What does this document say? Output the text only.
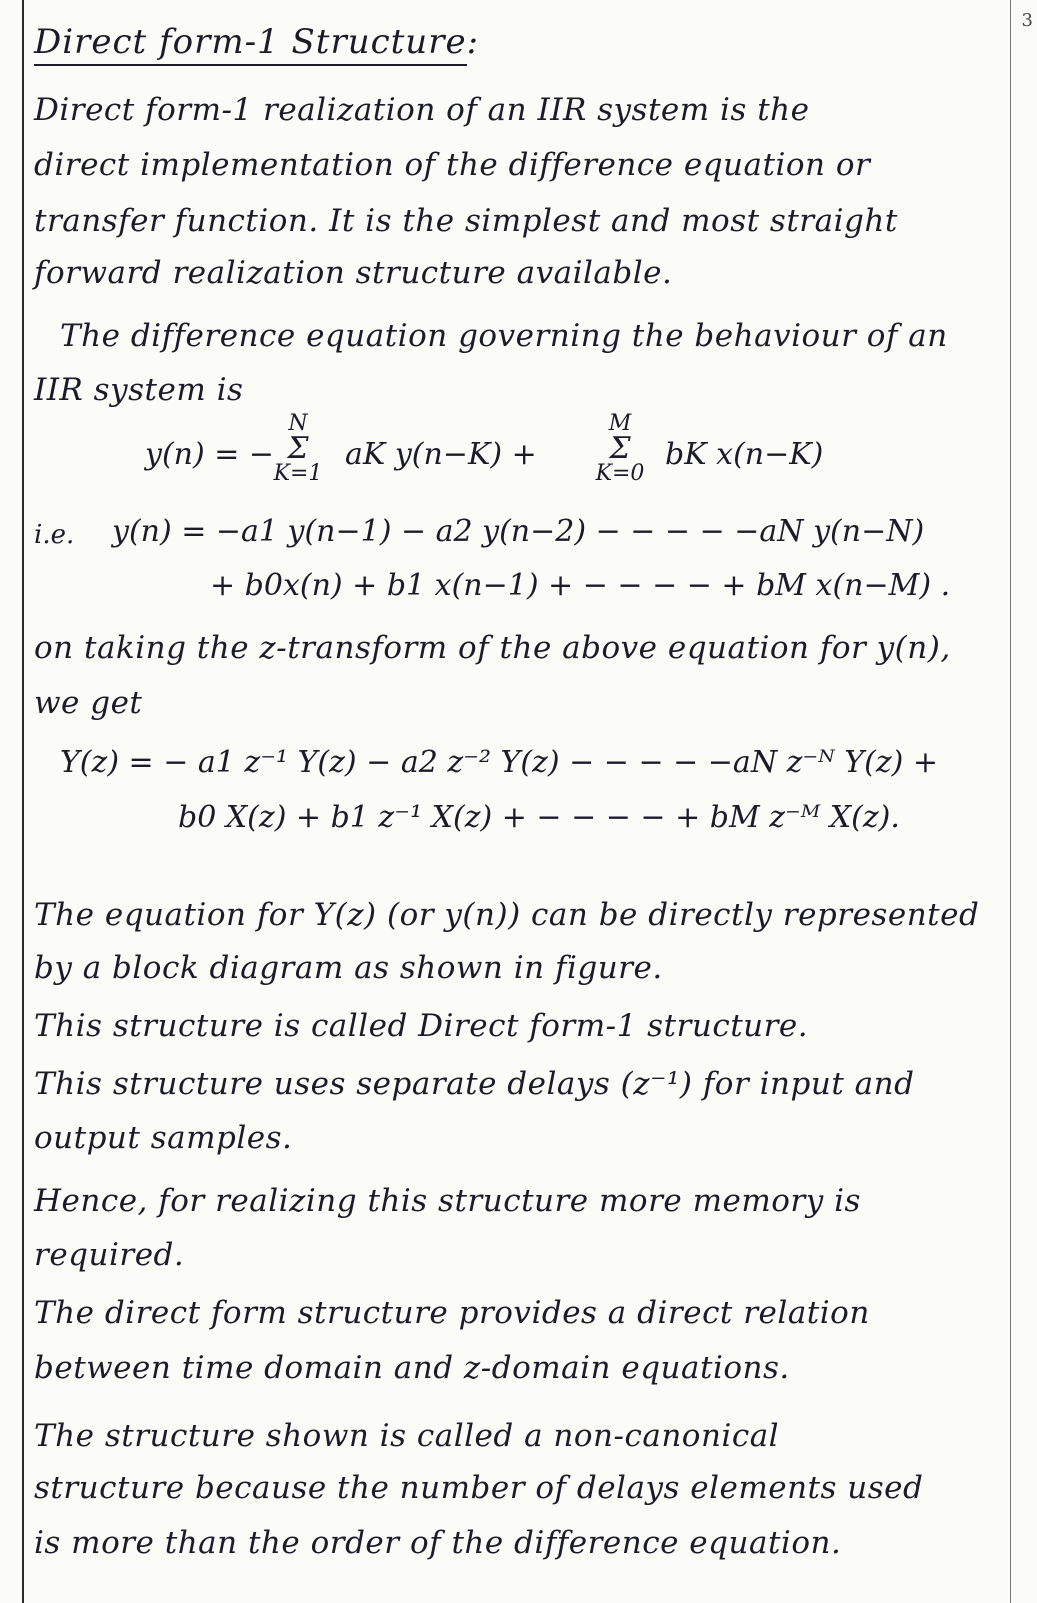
3
Direct form-1 Structure:
Direct form-1 realization of an IIR system is the
direct implementation of the difference equation or
transfer function. It is the simplest and most straight
forward realization structure available.
The difference equation governing the behaviour of an
IIR system is
y(n) = −
N
Σ
K=1
aK y(n−K) +
M
Σ
K=0
bK x(n−K)
i.e. y(n) = −a1 y(n−1) − a2 y(n−2) − − − − −aN y(n−N)
+ b0x(n) + b1 x(n−1) + − − − − + bM x(n−M) .
on taking the z-transform of the above equation for y(n),
we get
Y(z) = − a1 z⁻¹ Y(z) − a2 z⁻² Y(z) − − − − −aN z⁻ᴺ Y(z) +
b0 X(z) + b1 z⁻¹ X(z) + − − − − + bM z⁻ᴹ X(z).
The equation for Y(z) (or y(n)) can be directly represented
by a block diagram as shown in figure.
This structure is called Direct form-1 structure.
This structure uses separate delays (z⁻¹) for input and
output samples.
Hence, for realizing this structure more memory is
required.
The direct form structure provides a direct relation
between time domain and z-domain equations.
The structure shown is called a non-canonical
structure because the number of delays elements used
is more than the order of the difference equation.
